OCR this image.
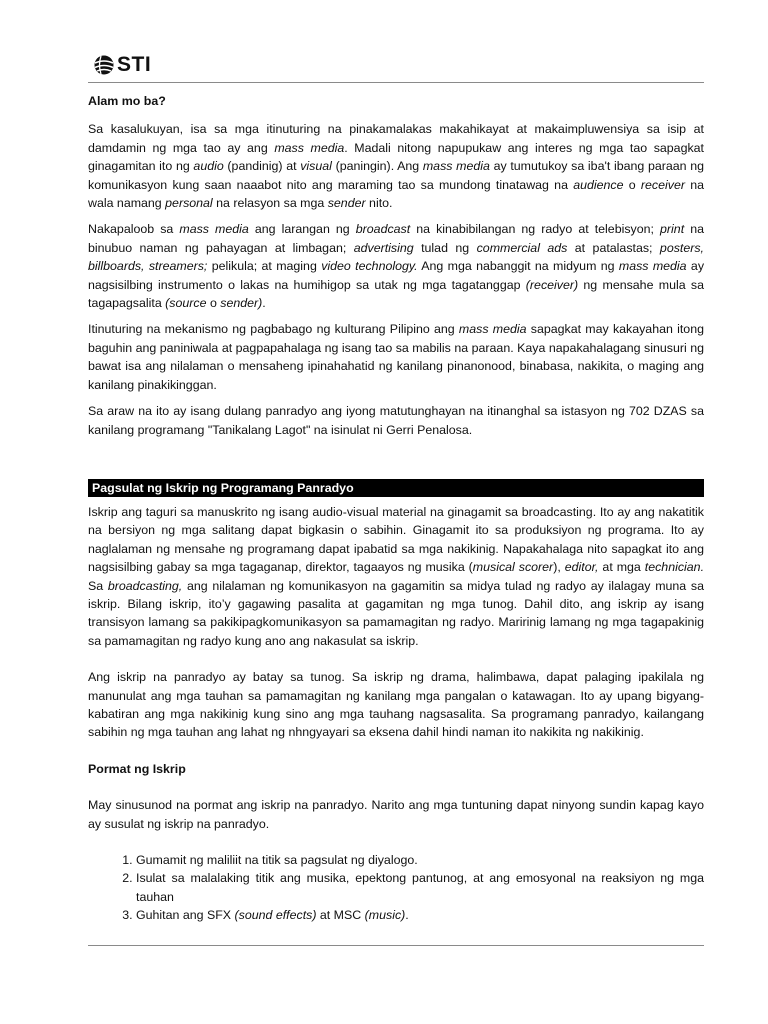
STI
Alam mo ba?

Sa kasalukuyan, isa sa mga itinuturing na pinakamalakas makahikayat at makaimpluwensiya sa isip at damdamin ng mga tao ay ang mass media. Madali nitong napupukaw ang interes ng mga tao sapagkat ginagamitan ito ng audio (pandinig) at visual (paningin). Ang mass media ay tumutukoy sa iba't ibang paraan ng komunikasyon kung saan naaabot nito ang maraming tao sa mundong tinatawag na audience o receiver na wala namang personal na relasyon sa mga sender nito.

Nakapaloob sa mass media ang larangan ng broadcast na kinabibilangan ng radyo at telebisyon; print na binubuo naman ng pahayagan at limbagan; advertising tulad ng commercial ads at patalastas; posters, billboards, streamers; pelikula; at maging video technology. Ang mga nabanggit na midyum ng mass media ay nagsisilbing instrumento o lakas na humihigop sa utak ng mga tagatanggap (receiver) ng mensahe mula sa tagapagsalita (source o sender).

Itinuturing na mekanismo ng pagbabago ng kulturang Pilipino ang mass media sapagkat may kakayahan itong baguhin ang paniniwala at pagpapahalaga ng isang tao sa mabilis na paraan. Kaya napakahalagang sinusuri ng bawat isa ang nilalaman o mensaheng ipinahahatid ng kanilang pinanonood, binabasa, nakikita, o maging ang kanilang pinakikinggan.

Sa araw na ito ay isang dulang panradyo ang iyong matutunghayan na itinanghal sa istasyon ng 702 DZAS sa kanilang programang "Tanikalang Lagot" na isinulat ni Gerri Penalosa.

Pagsulat ng Iskrip ng Programang Panradyo

Iskrip ang taguri sa manuskrito ng isang audio-visual material na ginagamit sa broadcasting. Ito ay ang nakatitik na bersiyon ng mga salitang dapat bigkasin o sabihin. Ginagamit ito sa produksiyon ng programa. Ito ay naglalaman ng mensahe ng programang dapat ipabatid sa mga nakikinig. Napakahalaga nito sapagkat ito ang nagsisilbing gabay sa mga tagaganap, direktor, tagaayos ng musika (musical scorer), editor, at mga technician. Sa broadcasting, ang nilalaman ng komunikasyon na gagamitin sa midya tulad ng radyo ay ilalagay muna sa iskrip. Bilang iskrip, ito’y gagawing pasalita at gagamitan ng mga tunog. Dahil dito, ang iskrip ay isang transisyon lamang sa pakikipagkomunikasyon sa pamamagitan ng radyo. Maririnig lamang ng mga tagapakinig sa pamamagitan ng radyo kung ano ang nakasulat sa iskrip.

Ang iskrip na panradyo ay batay sa tunog. Sa iskrip ng drama, halimbawa, dapat palaging ipakilala ng manunulat ang mga tauhan sa pamamagitan ng kanilang mga pangalan o katawagan. Ito ay upang bigyang-kabatiran ang mga nakikinig kung sino ang mga tauhang nagsasalita. Sa programang panradyo, kailangang sabihin ng mga tauhan ang lahat ng nhngyayari sa eksena dahil hindi naman ito nakikita ng nakikinig.

Pormat ng Iskrip

May sinusunod na pormat ang iskrip na panradyo. Narito ang mga tuntuning dapat ninyong sundin kapag kayo ay susulat ng iskrip na panradyo.

1. Gumamit ng maliliit na titik sa pagsulat ng diyalogo.
2. Isulat sa malalaking titik ang musika, epektong pantunog, at ang emosyonal na reaksiyon ng mga tauhan
3. Guhitan ang SFX (sound effects) at MSC (music).
